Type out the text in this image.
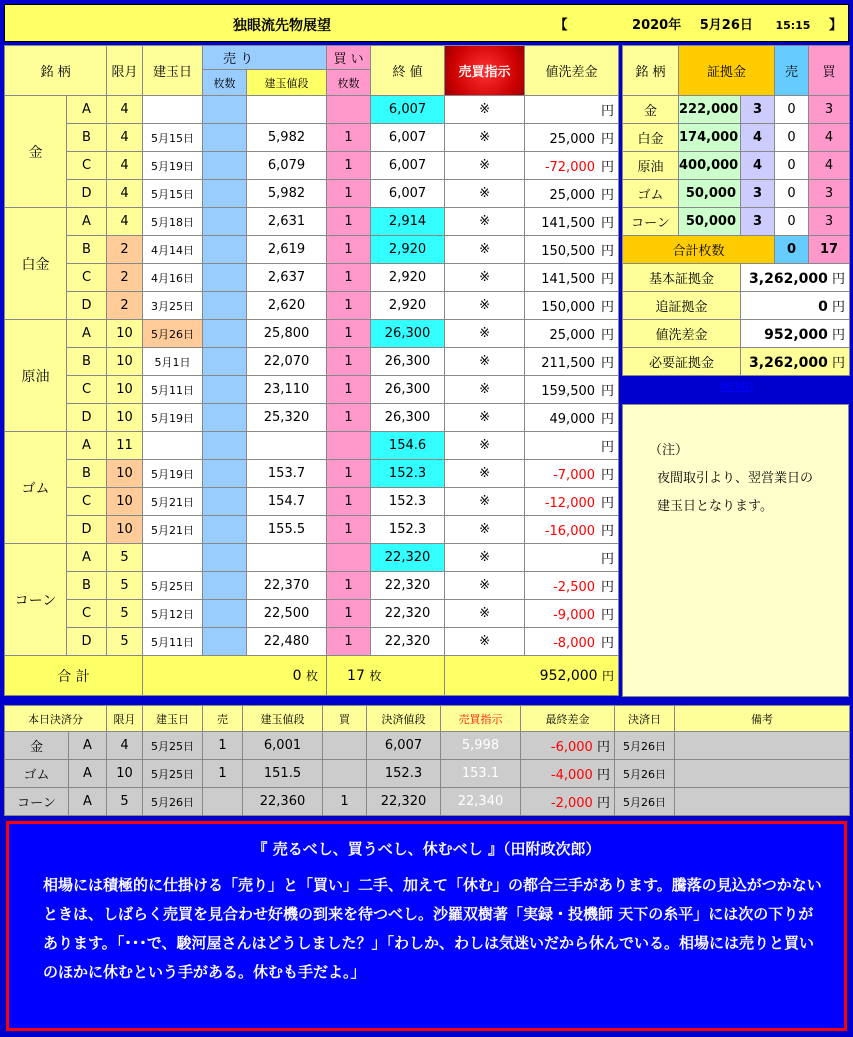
独眼流先物展望	【	2020年 5月26日 15:15 】
銘 柄		限月	建玉日	売 り		買 い	終 値	売買指示	値洗差金
				枚数	建玉値段	枚数			
金	A	4					6,007	※	円
	B	4	5月15日		5,982	1	6,007	※	25,000 円
	C	4	5月19日		6,079	1	6,007	※	-72,000 円
	D	4	5月15日		5,982	1	6,007	※	25,000 円
白金	A	4	5月18日		2,631	1	2,914	※	141,500 円
	B	2	4月14日		2,619	1	2,920	※	150,500 円
	C	2	4月16日		2,637	1	2,920	※	141,500 円
	D	2	3月25日		2,620	1	2,920	※	150,000 円
原油	A	10	5月26日		25,800	1	26,300	※	25,000 円
	B	10	5月1日		22,070	1	26,300	※	211,500 円
	C	10	5月11日		23,110	1	26,300	※	159,500 円
	D	10	5月19日		25,320	1	26,300	※	49,000 円
ゴム	A	11					154.6	※	円
	B	10	5月19日		153.7	1	152.3	※	-7,000 円
	C	10	5月21日		154.7	1	152.3	※	-12,000 円
	D	10	5月21日		155.5	1	152.3	※	-16,000 円
コーン	A	5					22,320	※	円
	B	5	5月25日		22,370	1	22,320	※	-2,500 円
	C	5	5月12日		22,500	1	22,320	※	-9,000 円
	D	5	5月11日		22,480	1	22,320	※	-8,000 円
合 計			0 枚			17 枚		952,000 円	
銘 柄	証拠金		売	買
金	222,000	3	0	3
白金	174,000	4	0	4
原油	400,000	4	0	4
ゴム	50,000	3	0	3
コーン	50,000	3	0	3
合計枚数			0	17
基本証拠金		3,262,000 円		
追証拠金		0 円		
値洗差金		952,000 円		
必要証拠金		3,262,000 円		
MEMO				
（注）
夜間取引より、翌営業日の
建玉日となります。
本日決済分		限月	建玉日	売	建玉値段	買	決済値段	売買指示	最終差金	決済日	備考
金	A	4	5月25日	1	6,001		6,007	5,998	-6,000 円	5月26日	
ゴム	A	10	5月25日	1	151.5		152.3	153.1	-4,000 円	5月26日	
コーン	A	5	5月26日		22,360	1	22,320	22,340	-2,000 円	5月26日	
『 売るべし、買うべし、休むべし 』（田附政次郎）
相場には積極的に仕掛ける「売り」と「買い」二手、加えて「休む」の都合三手があります。騰落の見込がつかないときは、しばらく売買を見合わせ好機の到来を待つべし。沙羅双樹著「実録・投機師 天下の糸平」には次の下りがあります。「･･･で、駿河屋さんはどうしました？」「わしか、わしは気迷いだから休んでいる。相場には売りと買いのほかに休むという手がある。休むも手だよ。」
